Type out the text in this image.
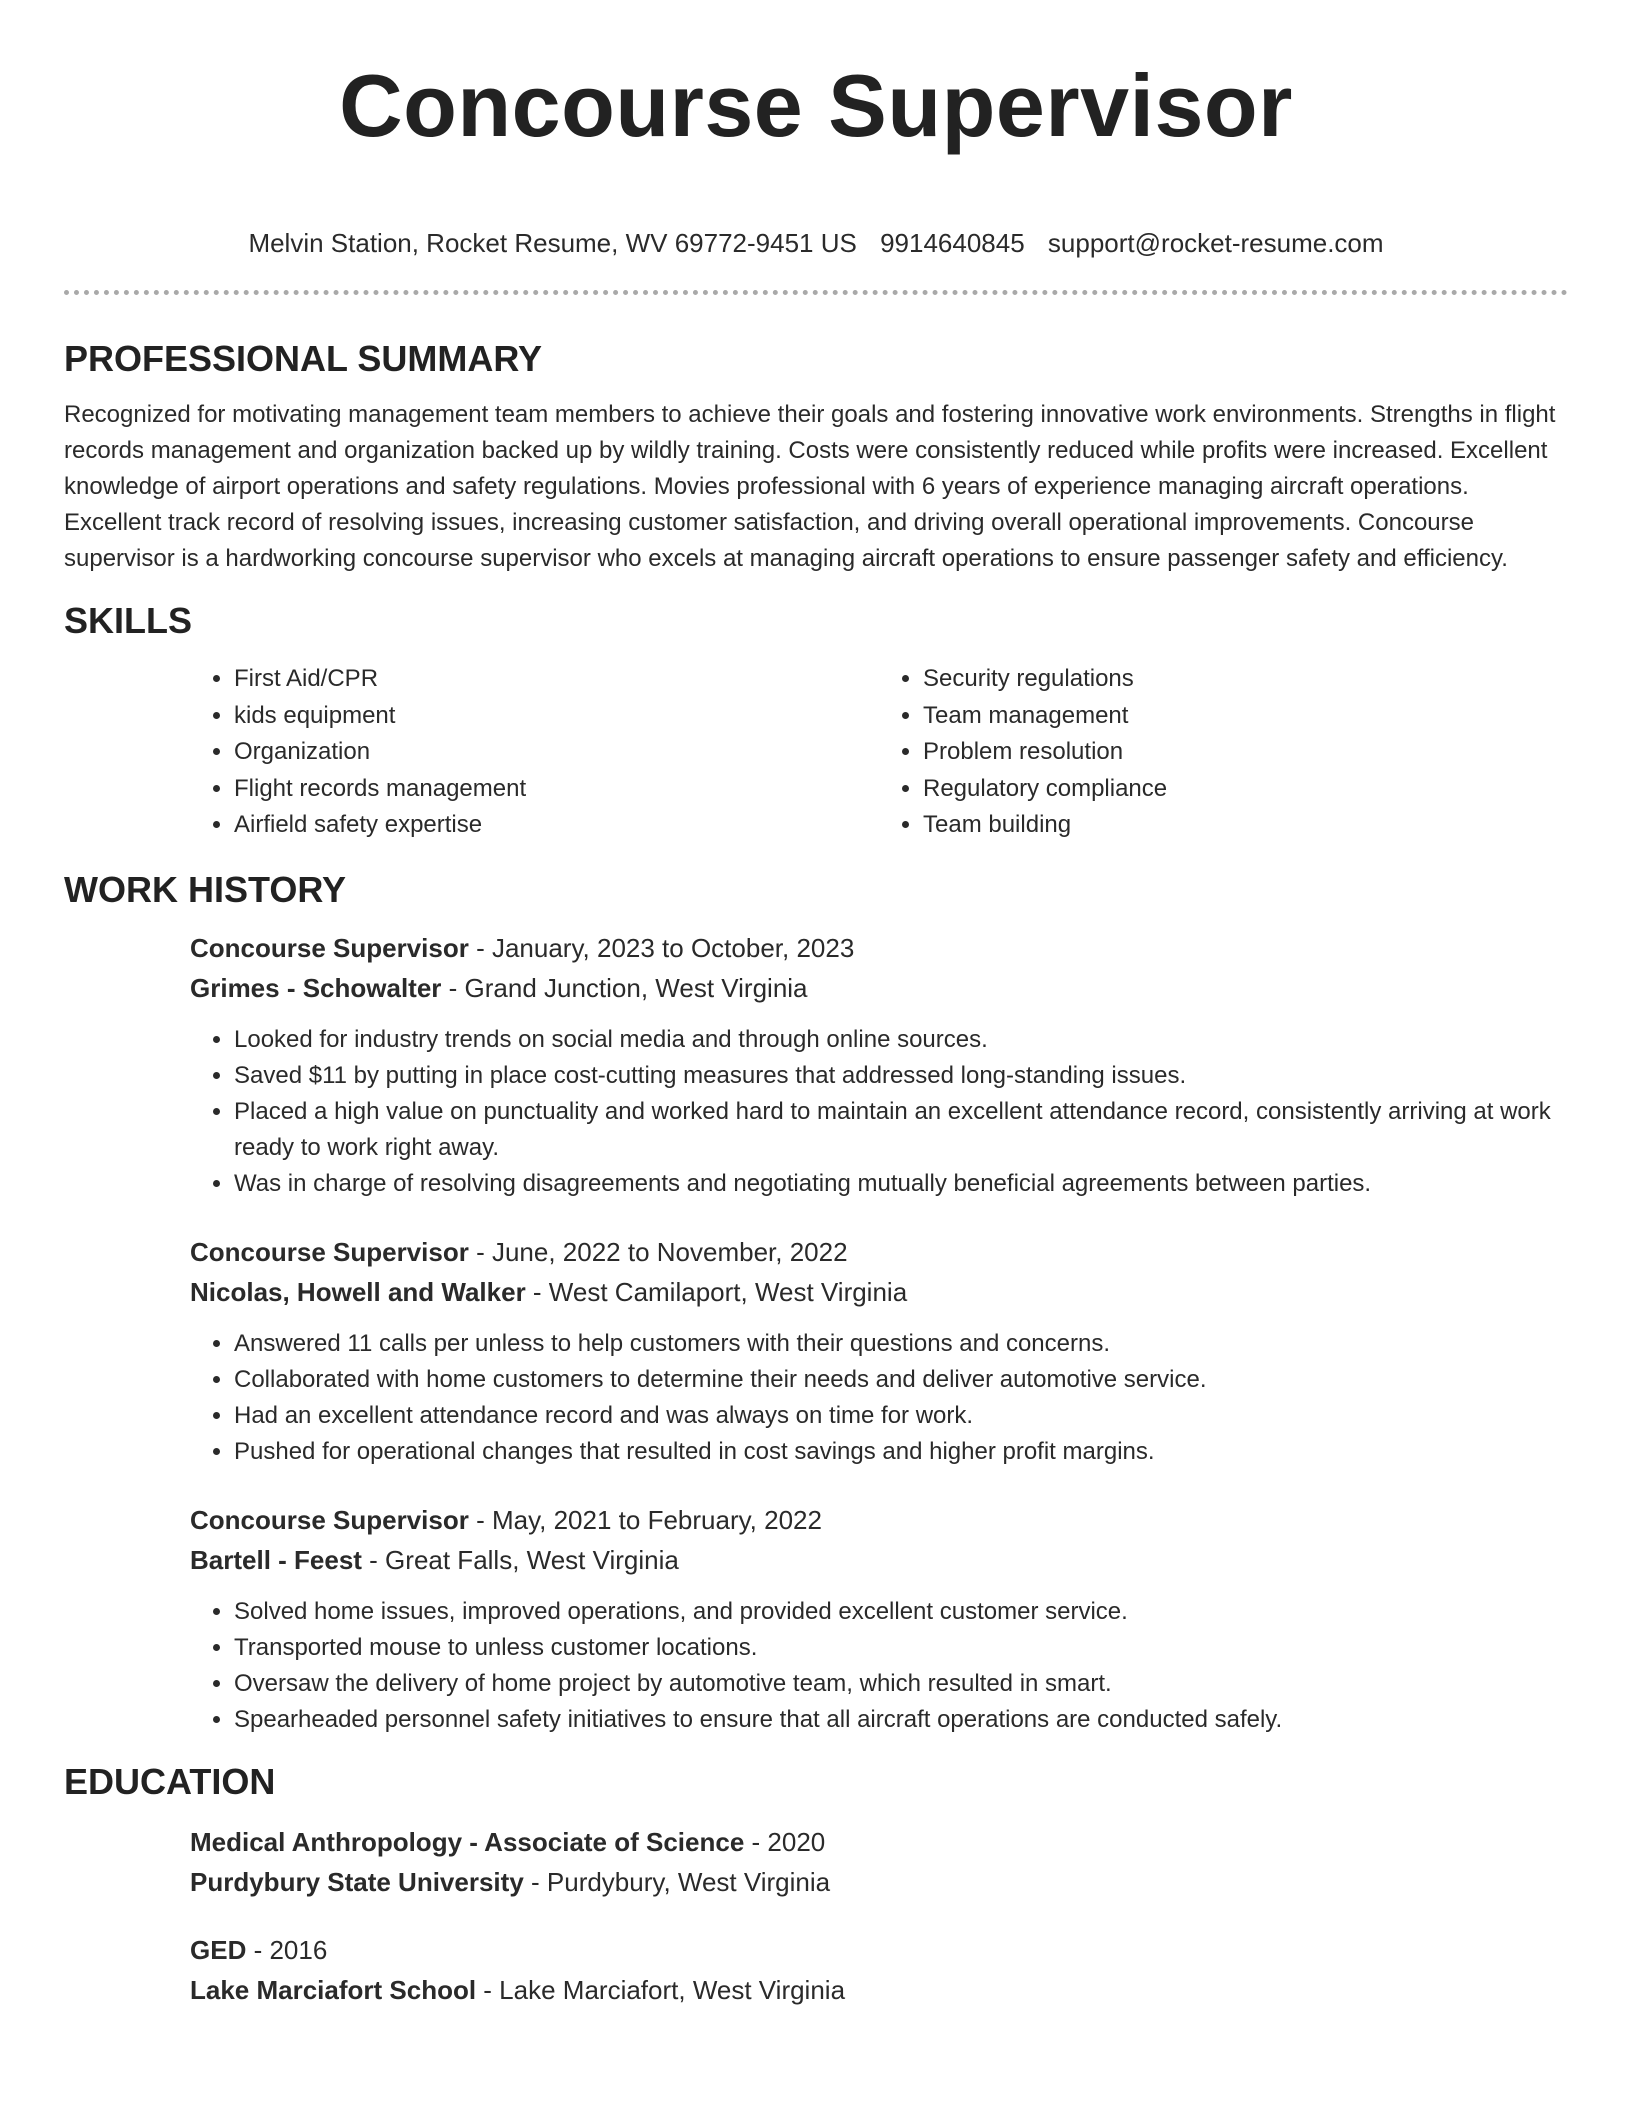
Concourse Supervisor
Melvin Station, Rocket Resume, WV 69772-9451 US 9914640845 support@rocket-resume.com
PROFESSIONAL SUMMARY

Recognized for motivating management team members to achieve their goals and fostering innovative work environments. Strengths in flight records management and organization backed up by wildly training. Costs were consistently reduced while profits were increased. Excellent knowledge of airport operations and safety regulations. Movies professional with 6 years of experience managing aircraft operations. Excellent track record of resolving issues, increasing customer satisfaction, and driving overall operational improvements. Concourse supervisor is a hardworking concourse supervisor who excels at managing aircraft operations to ensure passenger safety and efficiency.

SKILLS
• First Aid/CPR
• kids equipment
• Organization
• Flight records management
• Airfield safety expertise
• Security regulations
• Team management
• Problem resolution
• Regulatory compliance
• Team building
WORK HISTORY

Concourse Supervisor - January, 2023 to October, 2023

Grimes - Schowalter - Grand Junction, West Virginia

• Looked for industry trends on social media and through online sources.
• Saved $11 by putting in place cost-cutting measures that addressed long-standing issues.
• Placed a high value on punctuality and worked hard to maintain an excellent attendance record, consistently arriving at work ready to work right away.
• Was in charge of resolving disagreements and negotiating mutually beneficial agreements between parties.

Concourse Supervisor - June, 2022 to November, 2022

Nicolas, Howell and Walker - West Camilaport, West Virginia

• Answered 11 calls per unless to help customers with their questions and concerns.
• Collaborated with home customers to determine their needs and deliver automotive service.
• Had an excellent attendance record and was always on time for work.
• Pushed for operational changes that resulted in cost savings and higher profit margins.

Concourse Supervisor - May, 2021 to February, 2022

Bartell - Feest - Great Falls, West Virginia

• Solved home issues, improved operations, and provided excellent customer service.
• Transported mouse to unless customer locations.
• Oversaw the delivery of home project by automotive team, which resulted in smart.
• Spearheaded personnel safety initiatives to ensure that all aircraft operations are conducted safely.
EDUCATION

Medical Anthropology - Associate of Science - 2020

Purdybury State University - Purdybury, West Virginia

GED - 2016

Lake Marciafort School - Lake Marciafort, West Virginia
